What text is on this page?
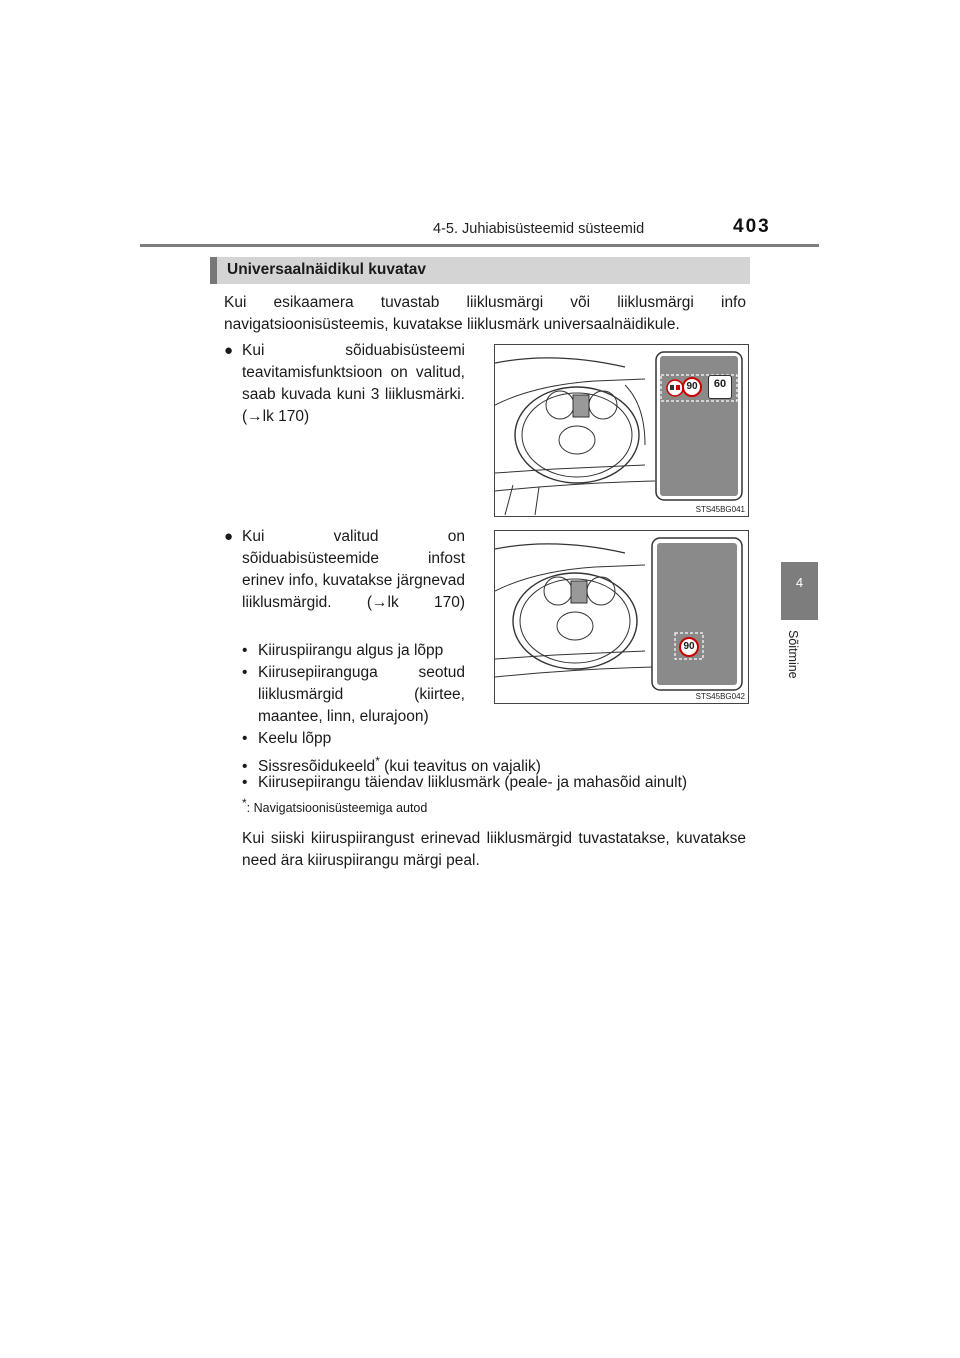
4-5. Juhiabisüsteemid süsteemid	403
4
Sõitmine
Universaalnäidikul kuvatav
Kui esikaamera tuvastab liiklusmärgi või liiklusmärgi info navigatsioonisüsteemis, kuvatakse liiklusmärk universaalnäidikule.
● Kui sõiduabisüsteemi teavitamisfunktsioon on valitud, saab kuvada kuni 3 liiklusmärki. (→lk 170)
90	60
STS45BG041
● Kui valitud on sõiduabisüsteemide infost erinev info, kuvatakse järgnevad liiklusmärgid. (→lk 170)
90
STS45BG042
• Kiiruspiirangu algus ja lõpp
• Kiirusepiiranguga seotud liiklusmärgid (kiirtee, maantee, linn, elurajoon)
• Keelu lõpp
• Sissresõidukeeld* (kui teavitus on vajalik)
• Kiirusepiirangu täiendav liiklusmärk (peale- ja mahasõid ainult)
*: Navigatsioonisüsteemiga autod
Kui siiski kiiruspiirangust erinevad liiklusmärgid tuvastatakse, kuvatakse need ära kiiruspiirangu märgi peal.
